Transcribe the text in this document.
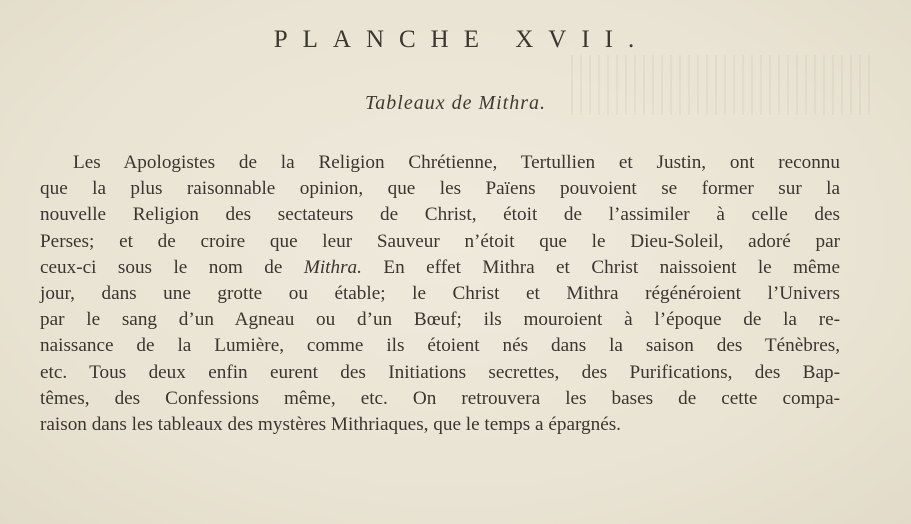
PLANCHE XVII.
Tableaux de Mithra.
Les Apologistes de la Religion Chrétienne, Tertullien et Justin, ont reconnu
que la plus raisonnable opinion, que les Païens pouvoient se former sur la
nouvelle Religion des sectateurs de Christ, étoit de l’assimiler à celle des
Perses; et de croire que leur Sauveur n’étoit que le Dieu-Soleil, adoré par
ceux-ci sous le nom de Mithra. En effet Mithra et Christ naissoient le même
jour, dans une grotte ou étable; le Christ et Mithra régénéroient l’Univers
par le sang d’un Agneau ou d’un Bœuf; ils mouroient à l’époque de la re-
naissance de la Lumière, comme ils étoient nés dans la saison des Ténèbres,
etc. Tous deux enfin eurent des Initiations secrettes, des Purifications, des Bap-
têmes, des Confessions même, etc. On retrouvera les bases de cette compa-
raison dans les tableaux des mystères Mithriaques, que le temps a épargnés.
